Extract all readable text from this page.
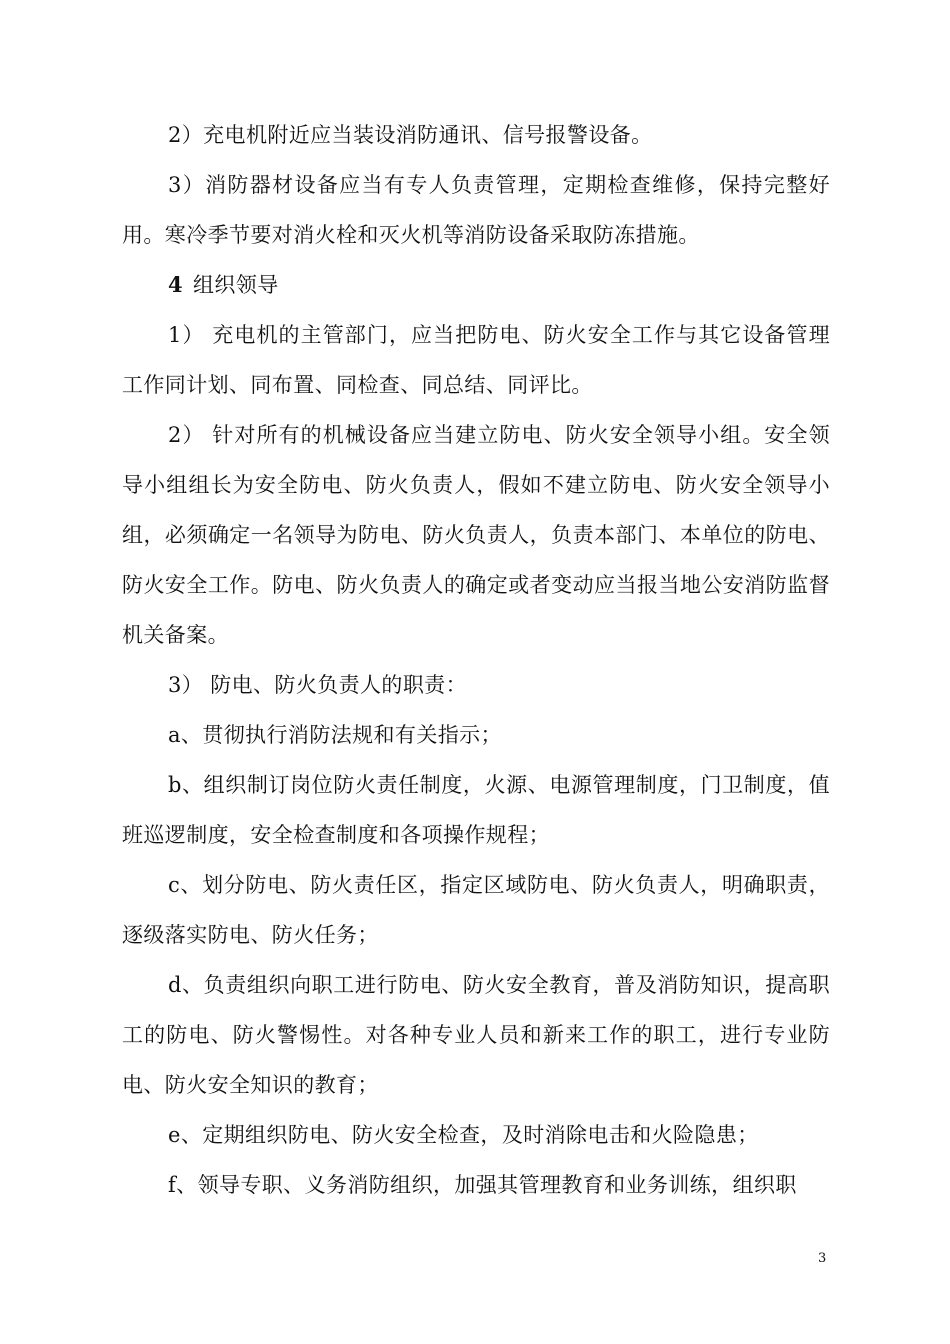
2）充电机附近应当装设消防通讯、信号报警设备。

3）消防器材设备应当有专人负责管理，定期检查维修，保持完整好用。寒冷季节要对消火栓和灭火机等消防设备采取防冻措施。

4 组织领导

1） 充电机的主管部门，应当把防电、防火安全工作与其它设备管理工作同计划、同布置、同检查、同总结、同评比。

2） 针对所有的机械设备应当建立防电、防火安全领导小组。安全领导小组组长为安全防电、防火负责人，假如不建立防电、防火安全领导小组，必须确定一名领导为防电、防火负责人，负责本部门、本单位的防电、防火安全工作。防电、防火负责人的确定或者变动应当报当地公安消防监督机关备案。

3） 防电、防火负责人的职责：

a、贯彻执行消防法规和有关指示；

b、组织制订岗位防火责任制度，火源、电源管理制度，门卫制度，值班巡逻制度，安全检查制度和各项操作规程；

c、划分防电、防火责任区，指定区域防电、防火负责人，明确职责，逐级落实防电、防火任务；

d、负责组织向职工进行防电、防火安全教育，普及消防知识，提高职工的防电、防火警惕性。对各种专业人员和新来工作的职工，进行专业防电、防火安全知识的教育；

e、定期组织防电、防火安全检查，及时消除电击和火险隐患；

f、领导专职、义务消防组织，加强其管理教育和业务训练，组织职

3
